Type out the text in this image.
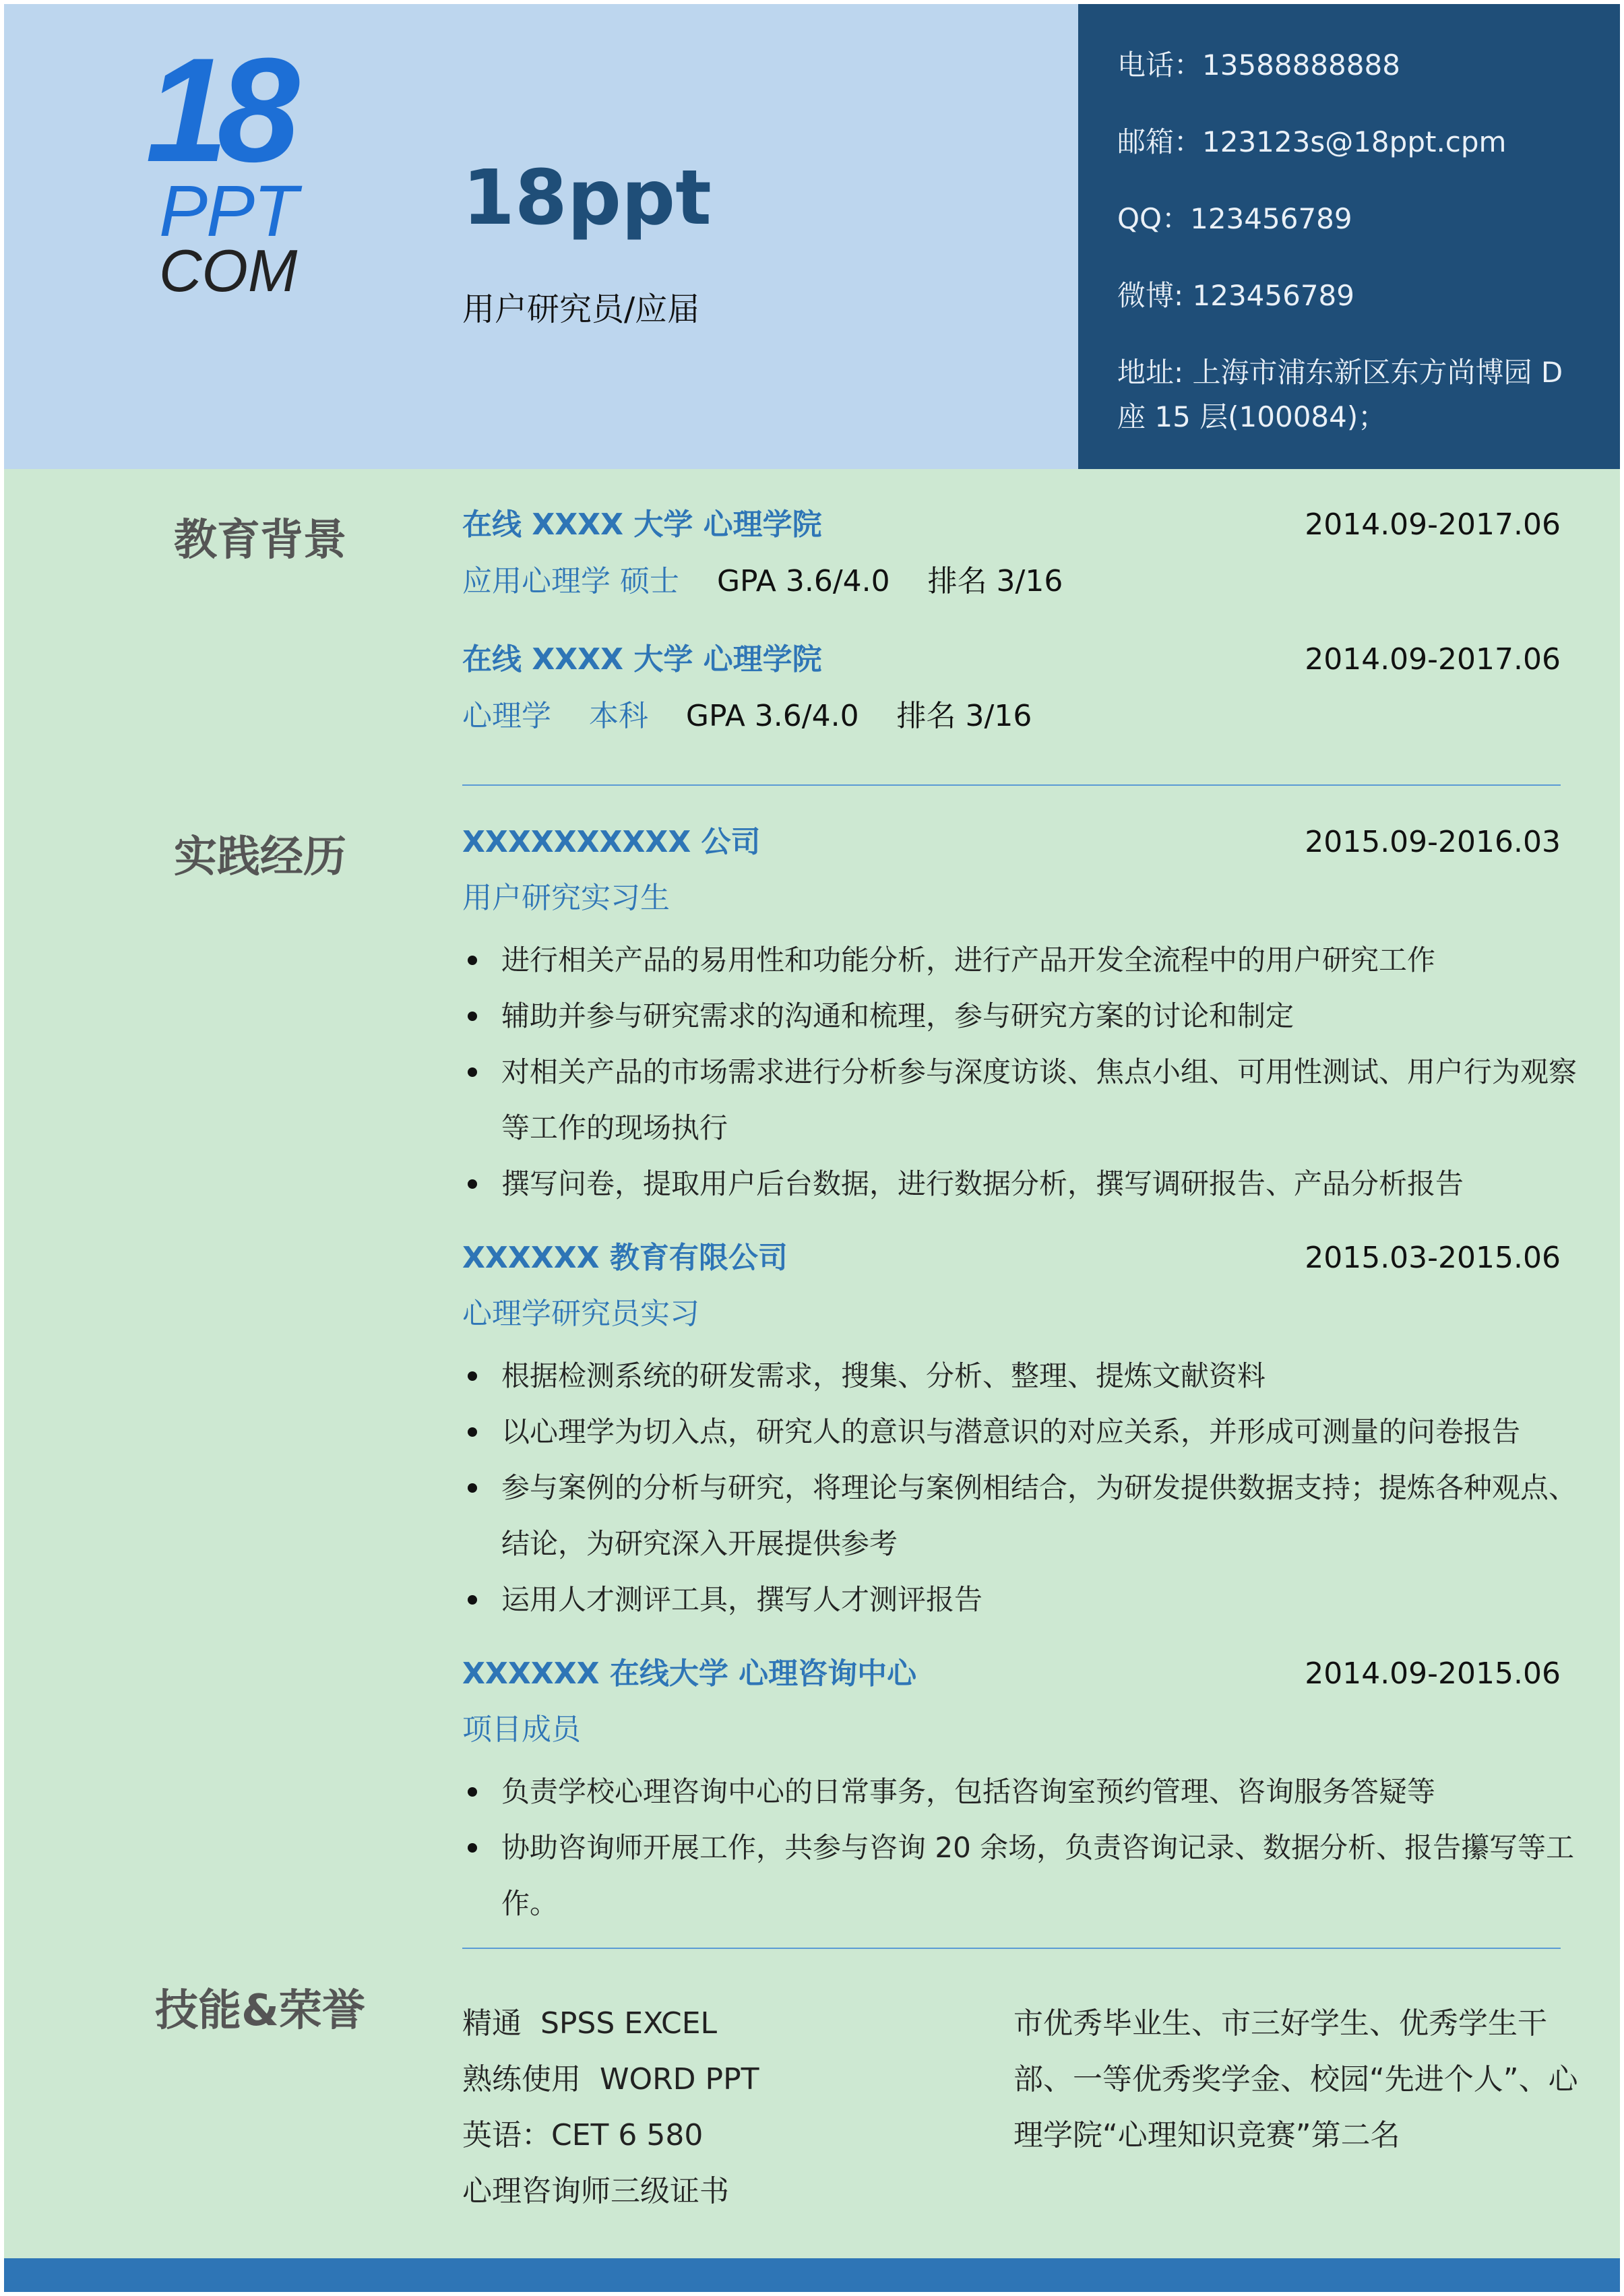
18
PPT
COM
18ppt
用户研究员/应届
电话：13588888888
邮箱：123123s@18ppt.cpm
QQ：123456789
微博: 123456789
地址: 上海市浦东新区东方尚博园 D 座 15 层(100084)；
教育背景	在线 XXXX 大学 心理学院	2014.09-2017.06
应用心理学 硕士 GPA 3.6/4.0    排名 3/16
在线 XXXX 大学 心理学院	2014.09-2017.06
心理学    本科 GPA 3.6/4.0    排名 3/16
实践经历	XXXXXXXXXX 公司	2015.09-2016.03
用户研究实习生
进行相关产品的易用性和功能分析，进行产品开发全流程中的用户研究工作
辅助并参与研究需求的沟通和梳理，参与研究方案的讨论和制定
对相关产品的市场需求进行分析参与深度访谈、焦点小组、可用性测试、用户行为观察等工作的现场执行
撰写问卷，提取用户后台数据，进行数据分析，撰写调研报告、产品分析报告
XXXXXX 教育有限公司	2015.03-2015.06
心理学研究员实习
根据检测系统的研发需求，搜集、分析、整理、提炼文献资料
以心理学为切入点，研究人的意识与潜意识的对应关系，并形成可测量的问卷报告
参与案例的分析与研究，将理论与案例相结合，为研发提供数据支持；提炼各种观点、结论，为研究深入开展提供参考
运用人才测评工具，撰写人才测评报告
XXXXXX 在线大学 心理咨询中心	2014.09-2015.06
项目成员
负责学校心理咨询中心的日常事务，包括咨询室预约管理、咨询服务答疑等
协助咨询师开展工作，共参与咨询 20 余场，负责咨询记录、数据分析、报告攥写等工作。
技能&荣誉	精通  SPSS EXCEL
熟练使用  WORD PPT
英语：CET 6 580
心理咨询师三级证书
市优秀毕业生、市三好学生、优秀学生干部、一等优秀奖学金、校园“先进个人”、心理学院“心理知识竞赛”第二名
